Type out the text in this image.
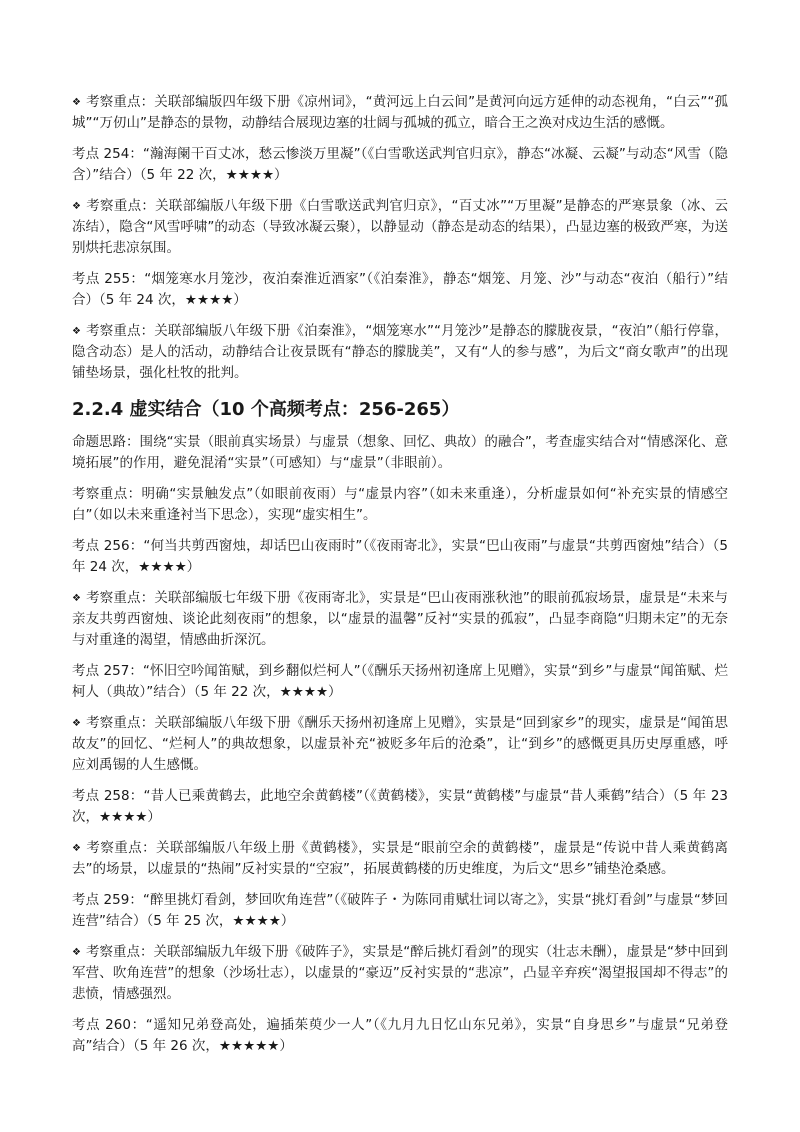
❖ 考察重点：关联部编版四年级下册《凉州词》，“黄河远上白云间”是黄河向远方延伸的动态视角，“白云”“孤城”“万仞山”是静态的景物，动静结合展现边塞的壮阔与孤城的孤立，暗合王之涣对戍边生活的感慨。

考点 254：“瀚海阑干百丈冰，愁云惨淡万里凝”（《白雪歌送武判官归京》，静态“冰凝、云凝”与动态“风雪（隐含）”结合）（5 年 22 次，★★★★）

❖ 考察重点：关联部编版八年级下册《白雪歌送武判官归京》，“百丈冰”“万里凝”是静态的严寒景象（冰、云冻结），隐含“风雪呼啸”的动态（导致冰凝云聚），以静显动（静态是动态的结果），凸显边塞的极致严寒，为送别烘托悲凉氛围。

考点 255：“烟笼寒水月笼沙，夜泊秦淮近酒家”（《泊秦淮》，静态“烟笼、月笼、沙”与动态“夜泊（船行）”结合）（5 年 24 次，★★★★）

❖ 考察重点：关联部编版八年级下册《泊秦淮》，“烟笼寒水”“月笼沙”是静态的朦胧夜景，“夜泊”（船行停靠，隐含动态）是人的活动，动静结合让夜景既有“静态的朦胧美”，又有“人的参与感”，为后文“商女歌声”的出现铺垫场景，强化杜牧的批判。

2.2.4 虚实结合（10 个高频考点：256-265）

命题思路：围绕“实景（眼前真实场景）与虚景（想象、回忆、典故）的融合”，考查虚实结合对“情感深化、意境拓展”的作用，避免混淆“实景”（可感知）与“虚景”（非眼前）。

考察重点：明确“实景触发点”（如眼前夜雨）与“虚景内容”（如未来重逢），分析虚景如何“补充实景的情感空白”（如以未来重逢衬当下思念），实现“虚实相生”。

考点 256：“何当共剪西窗烛，却话巴山夜雨时”（《夜雨寄北》，实景“巴山夜雨”与虚景“共剪西窗烛”结合）（5 年 24 次，★★★★）

❖ 考察重点：关联部编版七年级下册《夜雨寄北》，实景是“巴山夜雨涨秋池”的眼前孤寂场景，虚景是“未来与亲友共剪西窗烛、谈论此刻夜雨”的想象，以“虚景的温馨”反衬“实景的孤寂”，凸显李商隐“归期未定”的无奈与对重逢的渴望，情感曲折深沉。

考点 257：“怀旧空吟闻笛赋，到乡翻似烂柯人”（《酬乐天扬州初逢席上见赠》，实景“到乡”与虚景“闻笛赋、烂柯人（典故）”结合）（5 年 22 次，★★★★）

❖ 考察重点：关联部编版八年级下册《酬乐天扬州初逢席上见赠》，实景是“回到家乡”的现实，虚景是“闻笛思故友”的回忆、“烂柯人”的典故想象，以虚景补充“被贬多年后的沧桑”，让“到乡”的感慨更具历史厚重感，呼应刘禹锡的人生感慨。

考点 258：“昔人已乘黄鹤去，此地空余黄鹤楼”（《黄鹤楼》，实景“黄鹤楼”与虚景“昔人乘鹤”结合）（5 年 23 次，★★★★）

❖ 考察重点：关联部编版八年级上册《黄鹤楼》，实景是“眼前空余的黄鹤楼”，虚景是“传说中昔人乘黄鹤离去”的场景，以虚景的“热闹”反衬实景的“空寂”，拓展黄鹤楼的历史维度，为后文“思乡”铺垫沧桑感。

考点 259：“醉里挑灯看剑，梦回吹角连营”（《破阵子・为陈同甫赋壮词以寄之》，实景“挑灯看剑”与虚景“梦回连营”结合）（5 年 25 次，★★★★）

❖ 考察重点：关联部编版九年级下册《破阵子》，实景是“醉后挑灯看剑”的现实（壮志未酬），虚景是“梦中回到军营、吹角连营”的想象（沙场壮志），以虚景的“豪迈”反衬实景的“悲凉”，凸显辛弃疾“渴望报国却不得志”的悲愤，情感强烈。

考点 260：“遥知兄弟登高处，遍插茱萸少一人”（《九月九日忆山东兄弟》，实景“自身思乡”与虚景“兄弟登高”结合）（5 年 26 次，★★★★★）
